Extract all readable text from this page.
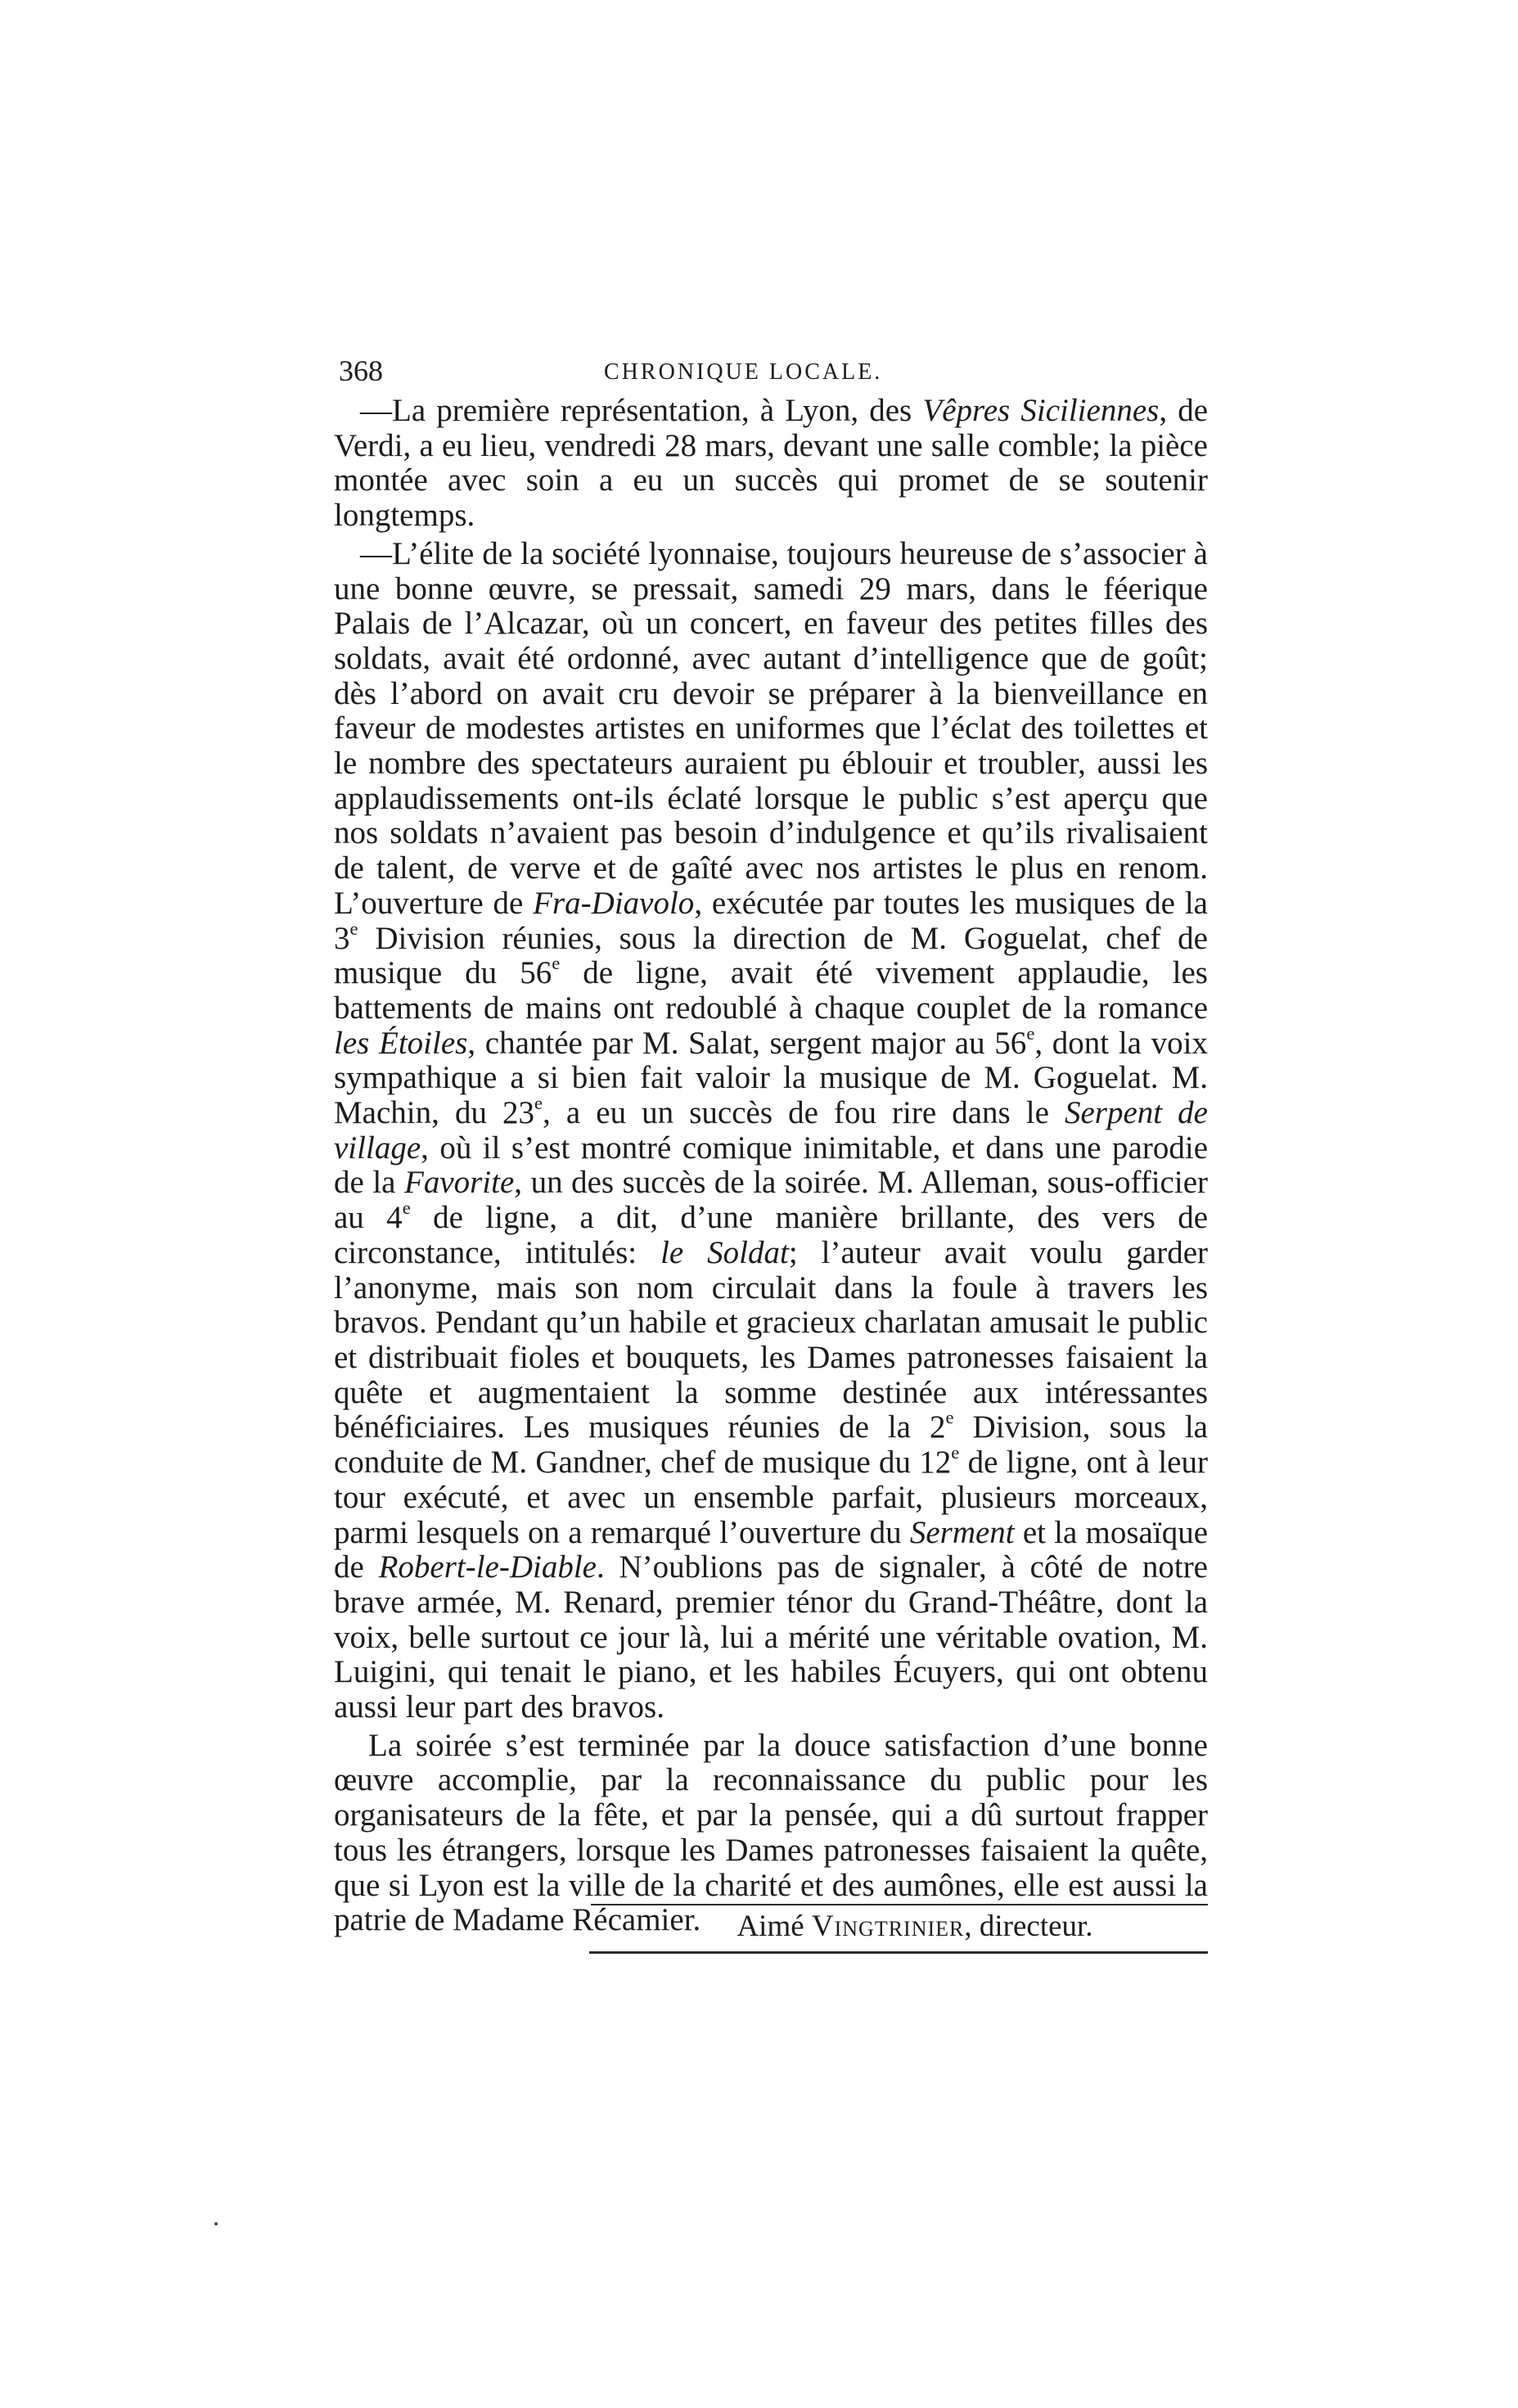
368	CHRONIQUE LOCALE.

—La première représentation, à Lyon, des Vêpres Siciliennes, de Verdi, a eu lieu, vendredi 28 mars, devant une salle comble; la pièce montée avec soin a eu un succès qui promet de se soutenir longtemps.

—L’élite de la société lyonnaise, toujours heureuse de s’associer à une bonne œuvre, se pressait, samedi 29 mars, dans le féerique Palais de l’Alcazar, où un concert, en faveur des petites filles des soldats, avait été ordonné, avec autant d’intelligence que de goût; dès l’abord on avait cru devoir se préparer à la bienveillance en faveur de modestes artistes en uniformes que l’éclat des toilettes et le nombre des spectateurs auraient pu éblouir et troubler, aussi les applaudissements ont-ils éclaté lorsque le public s’est aperçu que nos soldats n’avaient pas besoin d’indulgence et qu’ils rivalisaient de talent, de verve et de gaîté avec nos artistes le plus en renom. L’ouverture de Fra-Diavolo, exécutée par toutes les musiques de la 3e Division réunies, sous la direction de M. Goguelat, chef de musique du 56e de ligne, avait été vivement applaudie, les battements de mains ont redoublé à chaque couplet de la romance les Étoiles, chantée par M. Salat, sergent major au 56e, dont la voix sympathique a si bien fait valoir la musique de M. Goguelat. M. Machin, du 23e, a eu un succès de fou rire dans le Serpent de village, où il s’est montré comique inimitable, et dans une parodie de la Favorite, un des succès de la soirée. M. Alleman, sous-officier au 4e de ligne, a dit, d’une manière brillante, des vers de circonstance, intitulés: le Soldat; l’auteur avait voulu garder l’anonyme, mais son nom circulait dans la foule à travers les bravos. Pendant qu’un habile et gracieux charlatan amusait le public et distribuait fioles et bouquets, les Dames patronesses faisaient la quête et augmentaient la somme destinée aux intéressantes bénéficiaires. Les musiques réunies de la 2e Division, sous la conduite de M. Gandner, chef de musique du 12e de ligne, ont à leur tour exécuté, et avec un ensemble parfait, plusieurs morceaux, parmi lesquels on a remarqué l’ouverture du Serment et la mosaïque de Robert-le-Diable. N’oublions pas de signaler, à côté de notre brave armée, M. Renard, premier ténor du Grand-Théâtre, dont la voix, belle surtout ce jour là, lui a mérité une véritable ovation, M. Luigini, qui tenait le piano, et les habiles Écuyers, qui ont obtenu aussi leur part des bravos.

La soirée s’est terminée par la douce satisfaction d’une bonne œuvre accomplie, par la reconnaissance du public pour les organisateurs de la fête, et par la pensée, qui a dû surtout frapper tous les étrangers, lorsque les Dames patronesses faisaient la quête, que si Lyon est la ville de la charité et des aumônes, elle est aussi la patrie de Madame Récamier.	Aimé Vingtrinier, directeur.
